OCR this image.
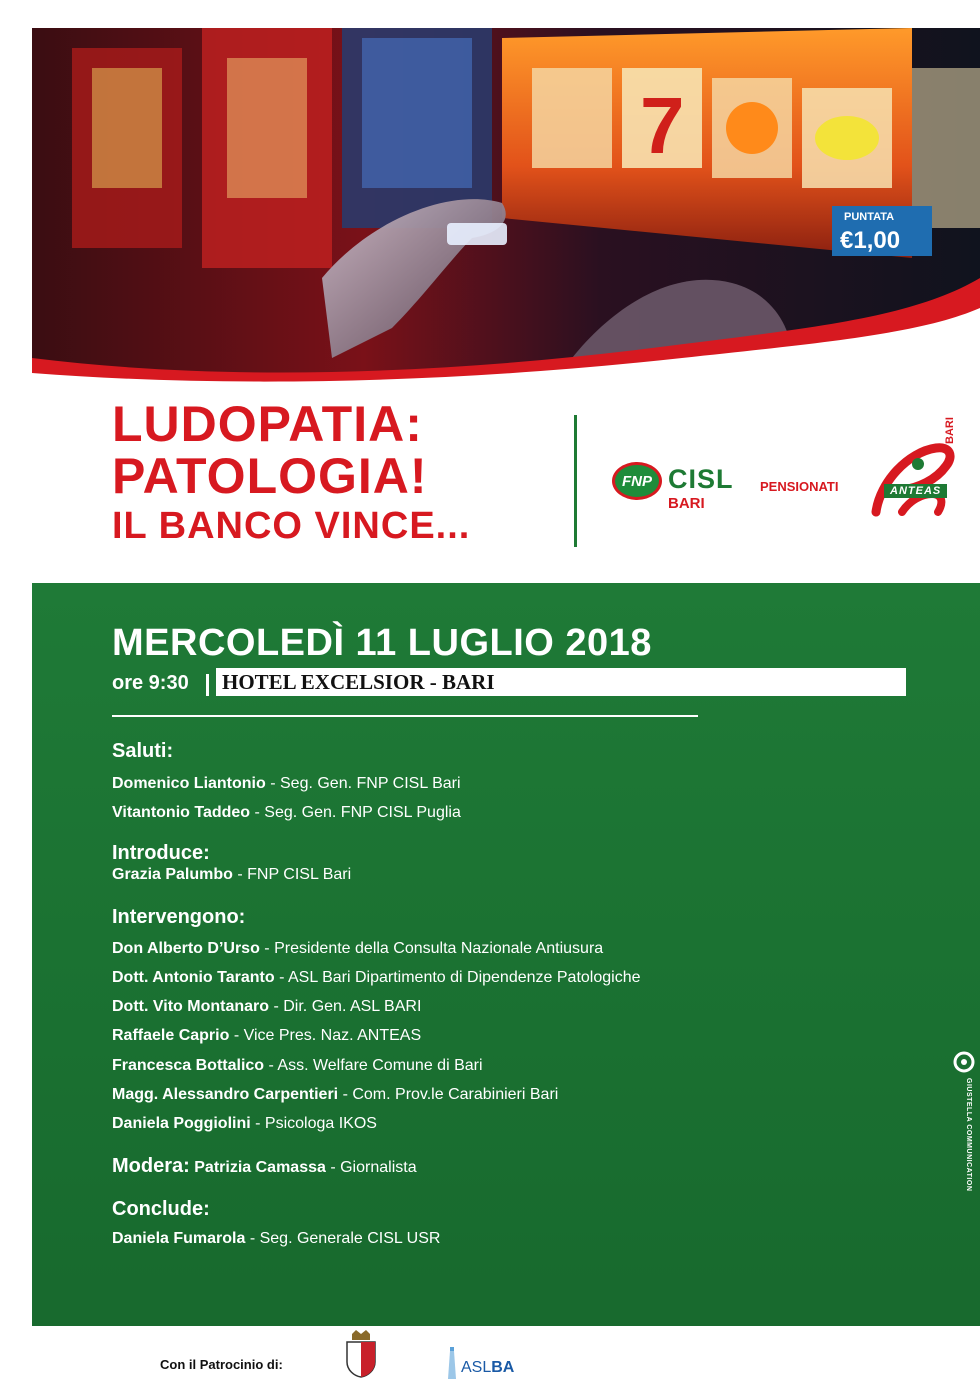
7
PUNTATA
€1,00
LUDOPATIA:
PATOLOGIA!
IL BANCO VINCE...
FNP CISL PENSIONATI
BARI
ANTEAS
BARI
MERCOLEDÌ 11 LUGLIO 2018
ore 9:30 HOTEL EXCELSIOR - BARI
Saluti:
Domenico Liantonio - Seg. Gen. FNP CISL Bari
Vitantonio Taddeo - Seg. Gen. FNP CISL Puglia
Introduce:
Grazia Palumbo - FNP CISL Bari
Intervengono:
Don Alberto D’Urso - Presidente della Consulta Nazionale Antiusura
Dott. Antonio Taranto - ASL Bari Dipartimento di Dipendenze Patologiche
Dott. Vito Montanaro - Dir. Gen. ASL BARI
Raffaele Caprio - Vice Pres. Naz. ANTEAS
Francesca Bottalico - Ass. Welfare Comune di Bari
Magg. Alessandro Carpentieri - Com. Prov.le Carabinieri Bari
Daniela Poggiolini - Psicologa IKOS
Modera: Patrizia Camassa - Giornalista
Conclude:
Daniela Fumarola - Seg. Generale CISL USR
GIUSTELLA COMMUNICATION
Con il Patrocinio di:	ASLBA
